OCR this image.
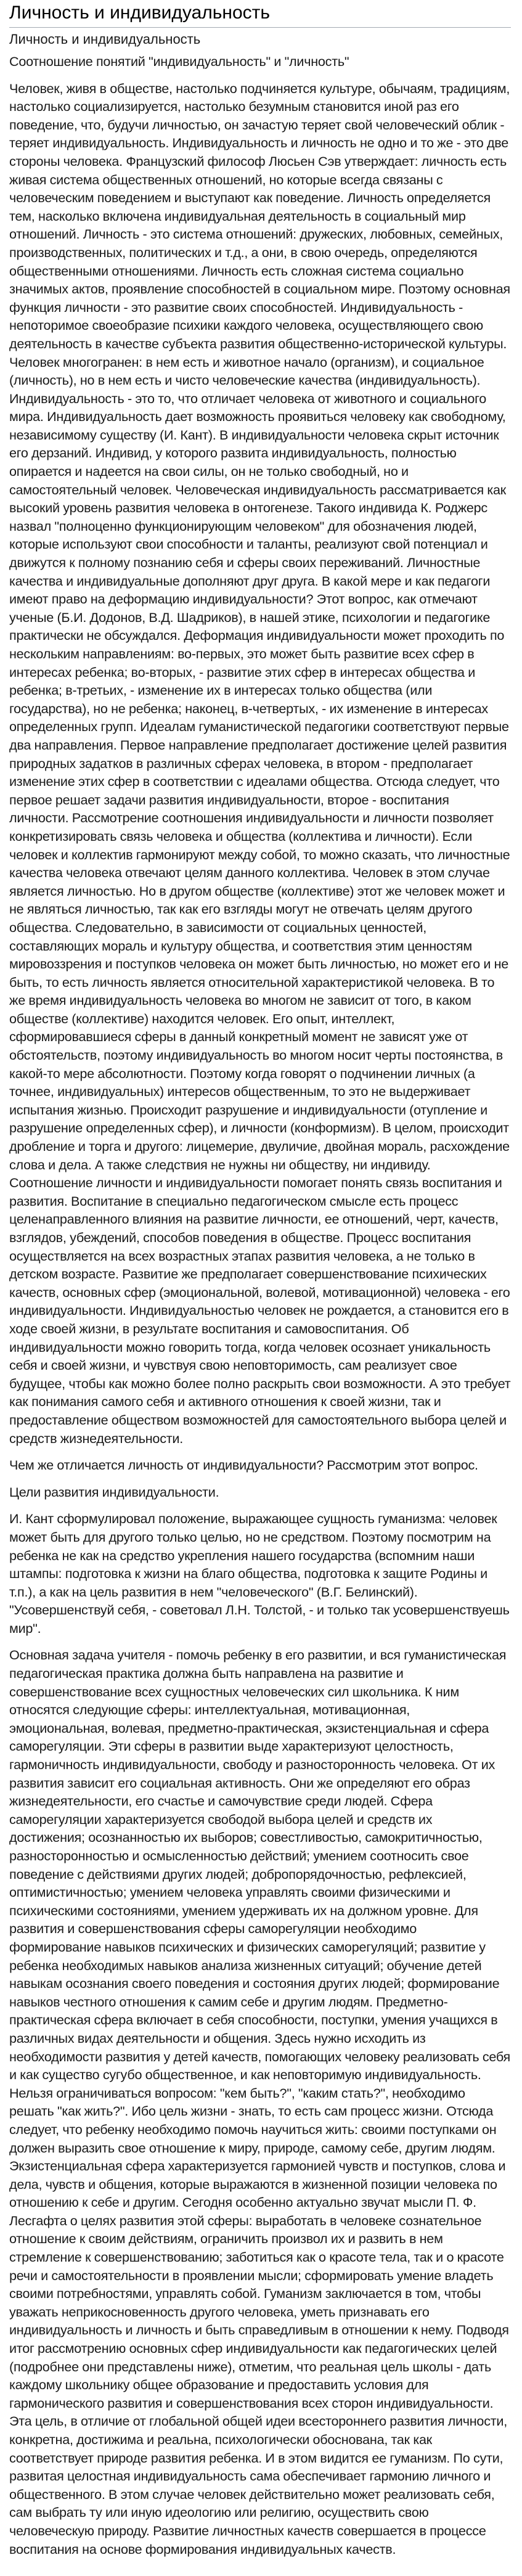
Личность и индивидуальность
Личность и индивидуальность

Соотношение понятий "индивидуальность" и "личность"

Человек, живя в обществе, настолько подчиняется культуре, обычаям, традициям, настолько социализируется, настолько безумным становится иной раз его поведение, что, будучи личностью, он зачастую теряет свой человеческий облик - теряет индивидуальность. Индивидуальность и личность не одно и то же - это две стороны человека. Французский философ Люсьен Сэв утверждает: личность есть живая система общественных отношений, но которые всегда связаны с человеческим поведением и выступают как поведение. Личность определяется тем, насколько включена индивидуальная деятельность в социальный мир отношений. Личность - это система отношений: дружеских, любовных, семейных, производственных, политических и т.д., а они, в свою очередь, определяются общественными отношениями. Личность есть сложная система социально значимых актов, проявление способностей в социальном мире. Поэтому основная функция личности - это развитие своих способностей. Индивидуальность - непоторимое своеобразие психики каждого человека, осуществляющего свою деятельность в качестве субъекта развития общественно-исторической культуры. Человек многогранен: в нем есть и животное начало (организм), и социальное (личность), но в нем есть и чисто человеческие качества (индивидуальность). Индивидуальность - это то, что отличает человека от животного и социального мира. Индивидуальность дает возможность проявиться человеку как свободному, независимому существу (И. Кант). В индивидуальности человека скрыт источник его дерзаний. Индивид, у которого развита индивидуальность, полностью опирается и надеется на свои силы, он не только свободный, но и самостоятельный человек. Человеческая индивидуальность рассматривается как высокий уровень развития человека в онтогенезе. Такого индивида К. Роджерс назвал "полноценно функционирующим человеком" для обозначения людей, которые используют свои способности и таланты, реализуют свой потенциал и движутся к полному познанию себя и сферы своих переживаний. Личностные качества и индивидуальные дополняют друг друга. В какой мере и как педагоги имеют право на деформацию индивидуальности? Этот вопрос, как отмечают ученые (Б.И. Додонов, В.Д. Шадриков), в нашей этике, психологии и педагогике практически не обсуждался. Деформация индивидуальности может проходить по нескольким направлениям: во-первых, это может быть развитие всех сфер в интересах ребенка; во-вторых, - развитие этих сфер в интересах общества и ребенка; в-третьих, - изменение их в интересах только общества (или государства), но не ребенка; наконец, в-четвертых, - их изменение в интересах определенных групп. Идеалам гуманистической педагогики соответствуют первые два направления. Первое направление предполагает достижение целей развития природных задатков в различных сферах человека, в втором - предполагает изменение этих сфер в соответствии с идеалами общества. Отсюда следует, что первое решает задачи развития индивидуальности, второе - воспитания личности. Рассмотрение соотношения индивидуальности и личности позволяет конкретизировать связь человека и общества (коллектива и личности). Если человек и коллектив гармонируют между собой, то можно сказать, что личностные качества человека отвечают целям данного коллектива. Человек в этом случае является личностью. Но в другом обществе (коллективе) этот же человек может и не являться личностью, так как его взгляды могут не отвечать целям другого общества. Следовательно, в зависимости от социальных ценностей, составляющих мораль и культуру общества, и соответствия этим ценностям мировоззрения и поступков человека он может быть личностью, но может его и не быть, то есть личность является относительной характеристикой человека. В то же время индивидуальность человека во многом не зависит от того, в каком обществе (коллективе) находится человек. Его опыт, интеллект, сформировавшиеся сферы в данный конкретный момент не зависят уже от обстоятельств, поэтому индивидуальность во многом носит черты постоянства, в какой-то мере абсолютности. Поэтому когда говорят о подчинении личных (а точнее, индивидуальных) интересов общественным, то это не выдерживает испытания жизнью. Происходит разрушение и индивидуальности (отупление и разрушение определенных сфер), и личности (конформизм). В целом, происходит дробление и торга и другого: лицемерие, двуличие, двойная мораль, расхождение слова и дела. А также следствия не нужны ни обществу, ни индивиду. Соотношение личности и индивидуальности помогает понять связь воспитания и развития. Воспитание в специально педагогическом смысле есть процесс целенаправленного влияния на развитие личности, ее отношений, черт, качеств, взглядов, убеждений, способов поведения в обществе. Процесс воспитания осуществляется на всех возрастных этапах развития человека, а не только в детском возрасте. Развитие же предполагает совершенствование психических качеств, основных сфер (эмоциональной, волевой, мотивационной) человека - его индивидуальности. Индивидуальностью человек не рождается, а становится его в ходе своей жизни, в результате воспитания и самовоспитания. Об индивидуальности можно говорить тогда, когда человек осознает уникальность себя и своей жизни, и чувствуя свою неповторимость, сам реализует свое будущее, чтобы как можно более полно раскрыть свои возможности. А это требует как понимания самого себя и активного отношения к своей жизни, так и предоставление обществом возможностей для самостоятельного выбора целей и средств жизнедеятельности.

Чем же отличается личность от индивидуальности? Рассмотрим этот вопрос.

Цели развития индивидуальности.

И. Кант сформулировал положение, выражающее сущность гуманизма: человек может быть для другого только целью, но не средством. Поэтому посмотрим на ребенка не как на средство укрепления нашего государства (вспомним наши штампы: подготовка к жизни на благо общества, подготовка к защите Родины и т.п.), а как на цель развития в нем "человеческого" (В.Г. Белинский). "Усовершенствуй себя, - советовал Л.Н. Толстой, - и только так усовершенствуешь мир".

Основная задача учителя - помочь ребенку в его развитии, и вся гуманистическая педагогическая практика должна быть направлена на развитие и совершенствование всех сущностных человеческих сил школьника. К ним относятся следующие сферы: интеллектуальная, мотивационная, эмоциональная, волевая, предметно-практическая, экзистенциальная и сфера саморегуляции. Эти сферы в развитии выде характеризуют целостность, гармоничность индивидуальности, свободу и разносторонность человека. От их развития зависит его социальная активность. Они же определяют его образ жизнедеятельности, его счастье и самочувствие среди людей. Сфера саморегуляции характеризуется свободой выбора целей и средств их достижения; осознанностью их выборов; совестливостью, самокритичностью, разносторонностью и осмысленностью действий; умением соотносить свое поведение с действиями других людей; добропорядочностью, рефлексией, оптимистичностью; умением человека управлять своими физическими и психическими состояниями, умением удерживать их на должном уровне. Для развития и совершенствования сферы саморегуляции необходимо формирование навыков психических и физических саморегуляций; развитие у ребенка необходимых навыков анализа жизненных ситуаций; обучение детей навыкам осознания своего поведения и состояния других людей; формирование навыков честного отношения к самим себе и другим людям. Предметно-практическая сфера включает в себя способности, поступки, умения учащихся в различных видах деятельности и общения. Здесь нужно исходить из необходимости развития у детей качеств, помогающих человеку реализовать себя и как существо сугубо общественное, и как неповторимую индивидуальность. Нельзя ограничиваться вопросом: "кем быть?", "каким стать?", необходимо решать "как жить?". Ибо цель жизни - знать, то есть сам процесс жизни. Отсюда следует, что ребенку необходимо помочь научиться жить: своими поступками он должен выразить свое отношение к миру, природе, самому себе, другим людям. Экзистенциальная сфера характеризуется гармонией чувств и поступков, слова и дела, чувств и общения, которые выражаются в жизненной позиции человека по отношению к себе и другим. Сегодня особенно актуально звучат мысли П. Ф. Лесгафта о целях развития этой сферы: выработать в человеке сознательное отношение к своим действиям, ограничить произвол их и развить в нем стремление к совершенствованию; заботиться как о красоте тела, так и о красоте речи и самостоятельности в проявлении мысли; сформировать умение владеть своими потребностями, управлять собой. Гуманизм заключается в том, чтобы уважать неприкосновенность другого человека, уметь признавать его индивидуальность и личность и быть справедливым в отношении к нему. Подводя итог рассмотрению основных сфер индивидуальности как педагогических целей (подробнее они представлены ниже), отметим, что реальная цель школы - дать каждому школьнику общее образование и предоставить условия для гармонического развития и совершенствования всех сторон индивидуальности. Эта цель, в отличие от глобальной общей идеи всестороннего развития личности, конкретна, достижима и реальна, психологически обоснована, так как соответствует природе развития ребенка. И в этом видится ее гуманизм. По сути, развитая целостная индивидуальность сама обеспечивает гармонию личного и общественного. В этом случае человек действительно может реализовать себя, сам выбрать ту или иную идеологию или религию, осуществить свою человеческую природу. Развитие личностных качеств совершается в процессе воспитания на основе формирования индивидуальных качеств.
